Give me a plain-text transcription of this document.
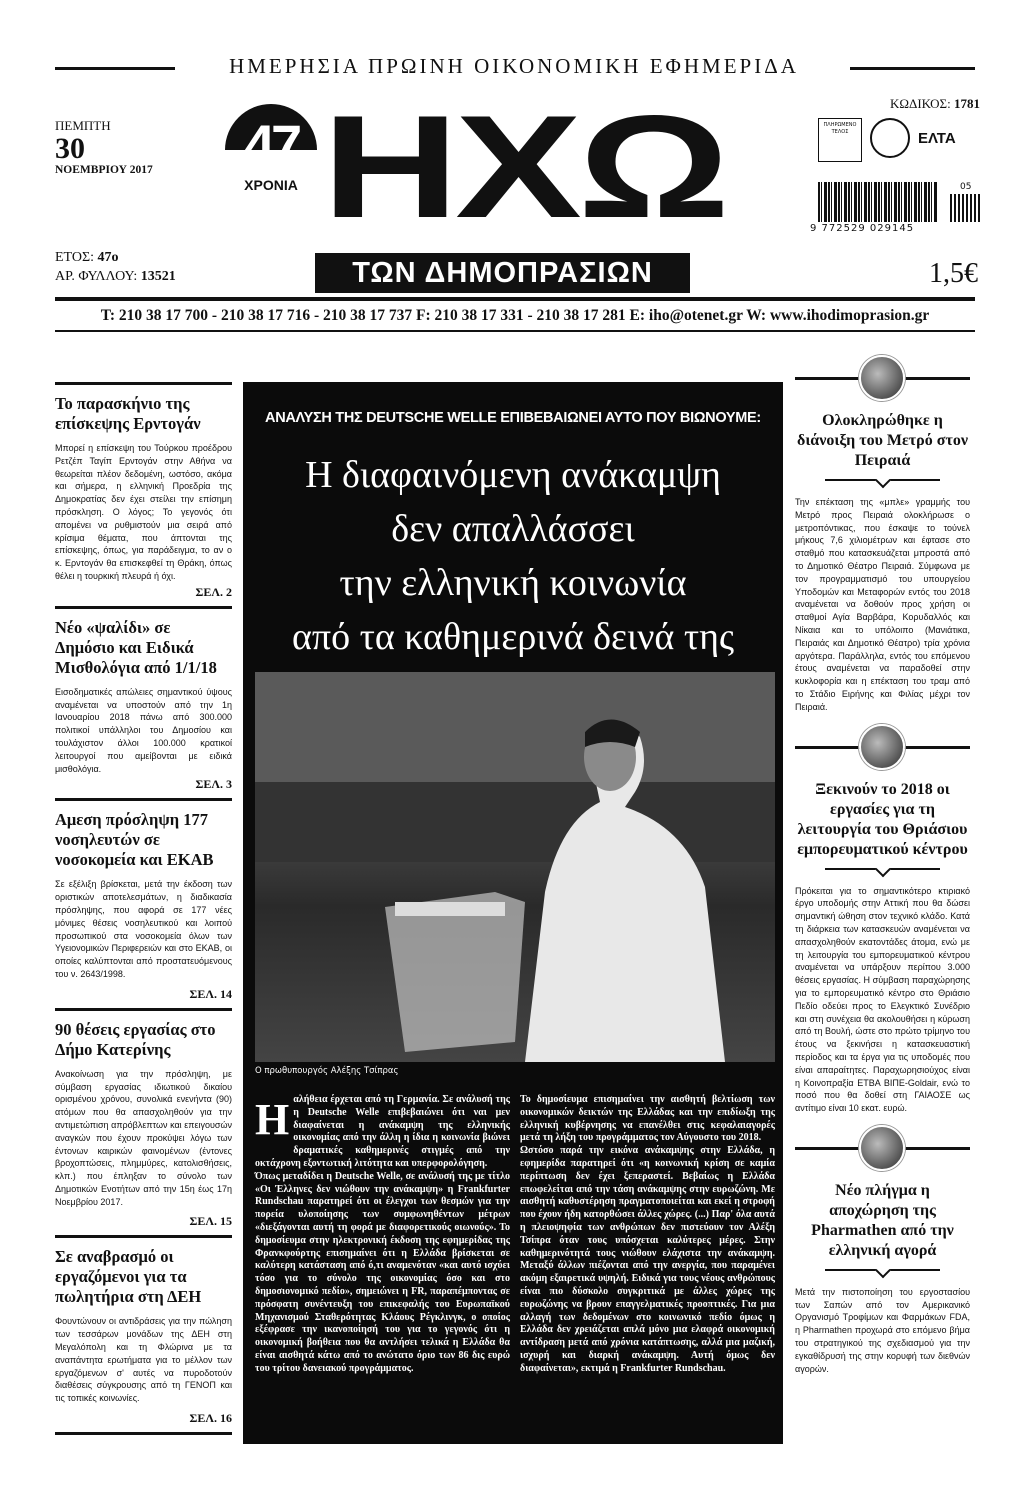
ΗΜΕΡΗΣΙΑ ΠΡΩΙΝΗ ΟΙΚΟΝΟΜΙΚΗ ΕΦΗΜΕΡΙΔΑ
ΠΕΜΠΤΗ
30
ΝΟΕΜΒΡΙΟΥ 2017 47
ΧΡΟΝΙΑ ΗΧΩ
ΤΩΝ ΔΗΜΟΠΡΑΣΙΩΝ
ΕΤΟΣ: 47ο
ΑΡ. ΦΥΛΛΟΥ: 13521
ΚΩΔΙΚΟΣ: 1781
ΠΛΗΡΩΜΕΝΟ ΤΕΛΟΣ	ΕΛΤΑ
05
9 772529 029145
1,5€
T: 210 38 17 700 - 210 38 17 716 - 210 38 17 737 F: 210 38 17 331 - 210 38 17 281 E: iho@otenet.gr W: www.ihodimoprasion.gr
Το παρασκήνιο της επίσκεψης Ερντογάν

Μπορεί η επίσκεψη του Τούρκου προέδρου Ρετζέπ Ταγίπ Ερντογάν στην Αθήνα να θεωρείται πλέον δεδομένη, ωστόσο, ακόμα και σήμερα, η ελληνική Προεδρία της Δημοκρατίας δεν έχει στείλει την επίσημη πρόσκληση. Ο λόγος; Το γεγονός ότι απομένει να ρυθμιστούν μια σειρά από κρίσιμα θέματα, που άπτονται της επίσκεψης, όπως, για παράδειγμα, το αν ο κ. Ερντογάν θα επισκεφθεί τη Θράκη, όπως θέλει η τουρκική πλευρά ή όχι.

ΣΕΛ. 2
Νέο «ψαλίδι» σε Δημόσιο και Ειδικά Μισθολόγια από 1/1/18

Εισοδηματικές απώλειες σημαντικού ύψους αναμένεται να υποστούν από την 1η Ιανουαρίου 2018 πάνω από 300.000 πολιτικοί υπάλληλοι του Δημοσίου και τουλάχιστον άλλοι 100.000 κρατικοί λειτουργοί που αμείβονται με ειδικά μισθολόγια.

ΣΕΛ. 3
Αμεση πρόσληψη 177 νοσηλευτών σε νοσοκομεία και ΕΚΑΒ

Σε εξέλιξη βρίσκεται, μετά την έκδοση των οριστικών αποτελεσμάτων, η διαδικασία πρόσληψης, που αφορά σε 177 νέες μόνιμες θέσεις νοσηλευτικού και λοιπού προσωπικού στα νοσοκομεία όλων των Υγειονομικών Περιφερειών και στο ΕΚΑΒ, οι οποίες καλύπτονται από προστατευόμενους του ν. 2643/1998.

ΣΕΛ. 14
90 θέσεις εργασίας στο Δήμο Κατερίνης

Ανακοίνωση για την πρόσληψη, με σύμβαση εργασίας ιδιωτικού δικαίου ορισμένου χρόνου, συνολικά ενενήντα (90) ατόμων που θα απασχοληθούν για την αντιμετώπιση απρόβλεπτων και επειγουσών αναγκών που έχουν προκύψει λόγω των έντονων καιρικών φαινομένων (έντονες βροχοπτώσεις, πλημμύρες, κατολισθήσεις, κλπ.) που έπληξαν το σύνολο των Δημοτικών Ενοτήτων από την 15η έως 17η Νοεμβρίου 2017.

ΣΕΛ. 15
Σε αναβρασμό οι εργαζόμενοι για τα πωλητήρια στη ΔΕΗ

Φουντώνουν οι αντιδράσεις για την πώληση των τεσσάρων μονάδων της ΔΕΗ στη Μεγαλόπολη και τη Φλώρινα με τα αναπάντητα ερωτήματα για το μέλλον των εργαζόμενων σ' αυτές να πυροδοτούν διαθέσεις σύγκρουσης από τη ΓΕΝΟΠ και τις τοπικές κοινωνίες.

ΣΕΛ. 16
ΑΝΑΛΥΣΗ ΤΗΣ DEUTSCHE WELLE ΕΠΙΒΕΒΑΙΩΝΕΙ ΑΥΤΟ ΠΟΥ ΒΙΩΝΟΥΜΕ:
Η διαφαινόμενη ανάκαμψη
δεν απαλλάσσει
την ελληνική κοινωνία
από τα καθημερινά δεινά της
Ο πρωθυπουργός Αλέξης Τσίπρας
Ηαλήθεια έρχεται από τη Γερμανία. Σε ανάλυσή της η Deutsche Welle επιβεβαιώνει ότι ναι μεν διαφαίνεται η ανάκαμψη της ελληνικής οικονομίας από την άλλη η ίδια η κοινωνία βιώνει δραματικές καθημερινές στιγμές από την οκτάχρονη εξοντωτική λιτότητα και υπερφορολόγηση.
Όπως μεταδίδει η Deutsche Welle, σε ανάλυσή της με τίτλο «Οι Έλληνες δεν νιώθουν την ανάκαμψη» η Frankfurter Rundschau παρατηρεί ότι οι έλεγχοι των θεσμών για την πορεία υλοποίησης των συμφωνηθέντων μέτρων «διεξάγονται αυτή τη φορά με διαφορετικούς οιωνούς». Το δημοσίευμα στην ηλεκτρονική έκδοση της εφημερίδας της Φρανκφούρτης επισημαίνει ότι η Ελλάδα βρίσκεται σε καλύτερη κατάσταση από ό,τι αναμενόταν «και αυτό ισχύει τόσο για το σύνολο της οικονομίας όσο και στο δημοσιονομικό πεδίο», σημειώνει η FR, παραπέμποντας σε πρόσφατη συνέντευξη του επικεφαλής του Ευρωπαϊκού Μηχανισμού Σταθερότητας Κλάους Ρέγκλινγκ, ο οποίος εξέφρασε την ικανοποίησή του για το γεγονός ότι η οικονομική βοήθεια που θα αντλήσει τελικά η Ελλάδα θα είναι αισθητά κάτω από το ανώτατο όριο των 86 δις ευρώ του τρίτου δανειακού προγράμματος.
Το δημοσίευμα επισημαίνει την αισθητή βελτίωση των οικονομικών δεικτών της Ελλάδας και την επιδίωξη της ελληνική κυβέρνησης να επανέλθει στις κεφαλαιαγορές μετά τη λήξη του προγράμματος τον Αύγουστο του 2018.
Ωστόσο παρά την εικόνα ανάκαμψης στην Ελλάδα, η εφημερίδα παρατηρεί ότι «η κοινωνική κρίση σε καμία περίπτωση δεν έχει ξεπεραστεί. Βεβαίως η Ελλάδα επωφελείται από την τάση ανάκαμψης στην ευρωζώνη. Με αισθητή καθυστέρηση πραγματοποιείται και εκεί η στροφή που έχουν ήδη κατορθώσει άλλες χώρες. (...) Παρ' όλα αυτά η πλειοψηφία των ανθρώπων δεν πιστεύουν τον Αλέξη Τσίπρα όταν τους υπόσχεται καλύτερες μέρες. Στην καθημερινότητά τους νιώθουν ελάχιστα την ανάκαμψη. Μεταξύ άλλων πιέζονται από την ανεργία, που παραμένει ακόμη εξαιρετικά υψηλή. Ειδικά για τους νέους ανθρώπους είναι πιο δύσκολο συγκριτικά με άλλες χώρες της ευρωζώνης να βρουν επαγγελματικές προοπτικές. Για μια αλλαγή των δεδομένων στο κοινωνικό πεδίο όμως η Ελλάδα δεν χρειάζεται απλά μόνο μια ελαφρά οικονομική αντίδραση μετά από χρόνια κατάπτωσης, αλλά μια μαζική, ισχυρή και διαρκή ανάκαμψη. Αυτή όμως δεν διαφαίνεται», εκτιμά η Frankfurter Rundschau.
Ολοκληρώθηκε η διάνοιξη του Μετρό στον Πειραιά

Την επέκταση της «μπλε» γραμμής του Μετρό προς Πειραιά ολοκλήρωσε ο μετροπόντικας, που έσκαψε το τούνελ μήκους 7,6 χιλιομέτρων και έφτασε στο σταθμό που κατασκευάζεται μπροστά από το Δημοτικό Θέατρο Πειραιά. Σύμφωνα με τον προγραμματισμό του υπουργείου Υποδομών και Μεταφορών εντός του 2018 αναμένεται να δοθούν προς χρήση οι σταθμοί Αγία Βαρβάρα, Κορυδαλλός και Νίκαια και το υπόλοιπο (Μανιάτικα, Πειραιάς και Δημοτικό Θέατρο) τρία χρόνια αργότερα. Παράλληλα, εντός του επόμενου έτους αναμένεται να παραδοθεί στην κυκλοφορία και η επέκταση του τραμ από το Στάδιο Ειρήνης και Φιλίας μέχρι τον Πειραιά.

Ξεκινούν το 2018 οι εργασίες για τη λειτουργία του Θριάσιου εμπορευματικού κέντρου

Πρόκειται για το σημαντικότερο κτιριακό έργο υποδομής στην Αττική που θα δώσει σημαντική ώθηση στον τεχνικό κλάδο. Κατά τη διάρκεια των κατασκευών αναμένεται να απασχοληθούν εκατοντάδες άτομα, ενώ με τη λειτουργία του εμπορευματικού κέντρου αναμένεται να υπάρξουν περίπου 3.000 θέσεις εργασίας. Η σύμβαση παραχώρησης για το εμπορευματικό κέντρο στο Θριάσιο Πεδίο οδεύει προς το Ελεγκτικό Συνέδριο και στη συνέχεια θα ακολουθήσει η κύρωση από τη Βουλή, ώστε στο πρώτο τρίμηνο του έτους να ξεκινήσει η κατασκευαστική περίοδος και τα έργα για τις υποδομές που είναι απαραίτητες. Παραχωρησιούχος είναι η Κοινοπραξία ΕΤΒΑ ΒΙΠΕ-Goldair, ενώ το ποσό που θα δοθεί στη ΓΑΙΑΟΣΕ ως αντίτιμο είναι 10 εκατ. ευρώ.

Νέο πλήγμα η αποχώρηση της Pharmathen από την ελληνική αγορά

Μετά την πιστοποίηση του εργοστασίου των Σαπών από τον Αμερικανικό Οργανισμό Τροφίμων και Φαρμάκων FDA, η Pharmathen προχωρά στο επόμενο βήμα του στρατηγικού της σχεδιασμού για την εγκαθίδρυσή της στην κορυφή των διεθνών αγορών.
